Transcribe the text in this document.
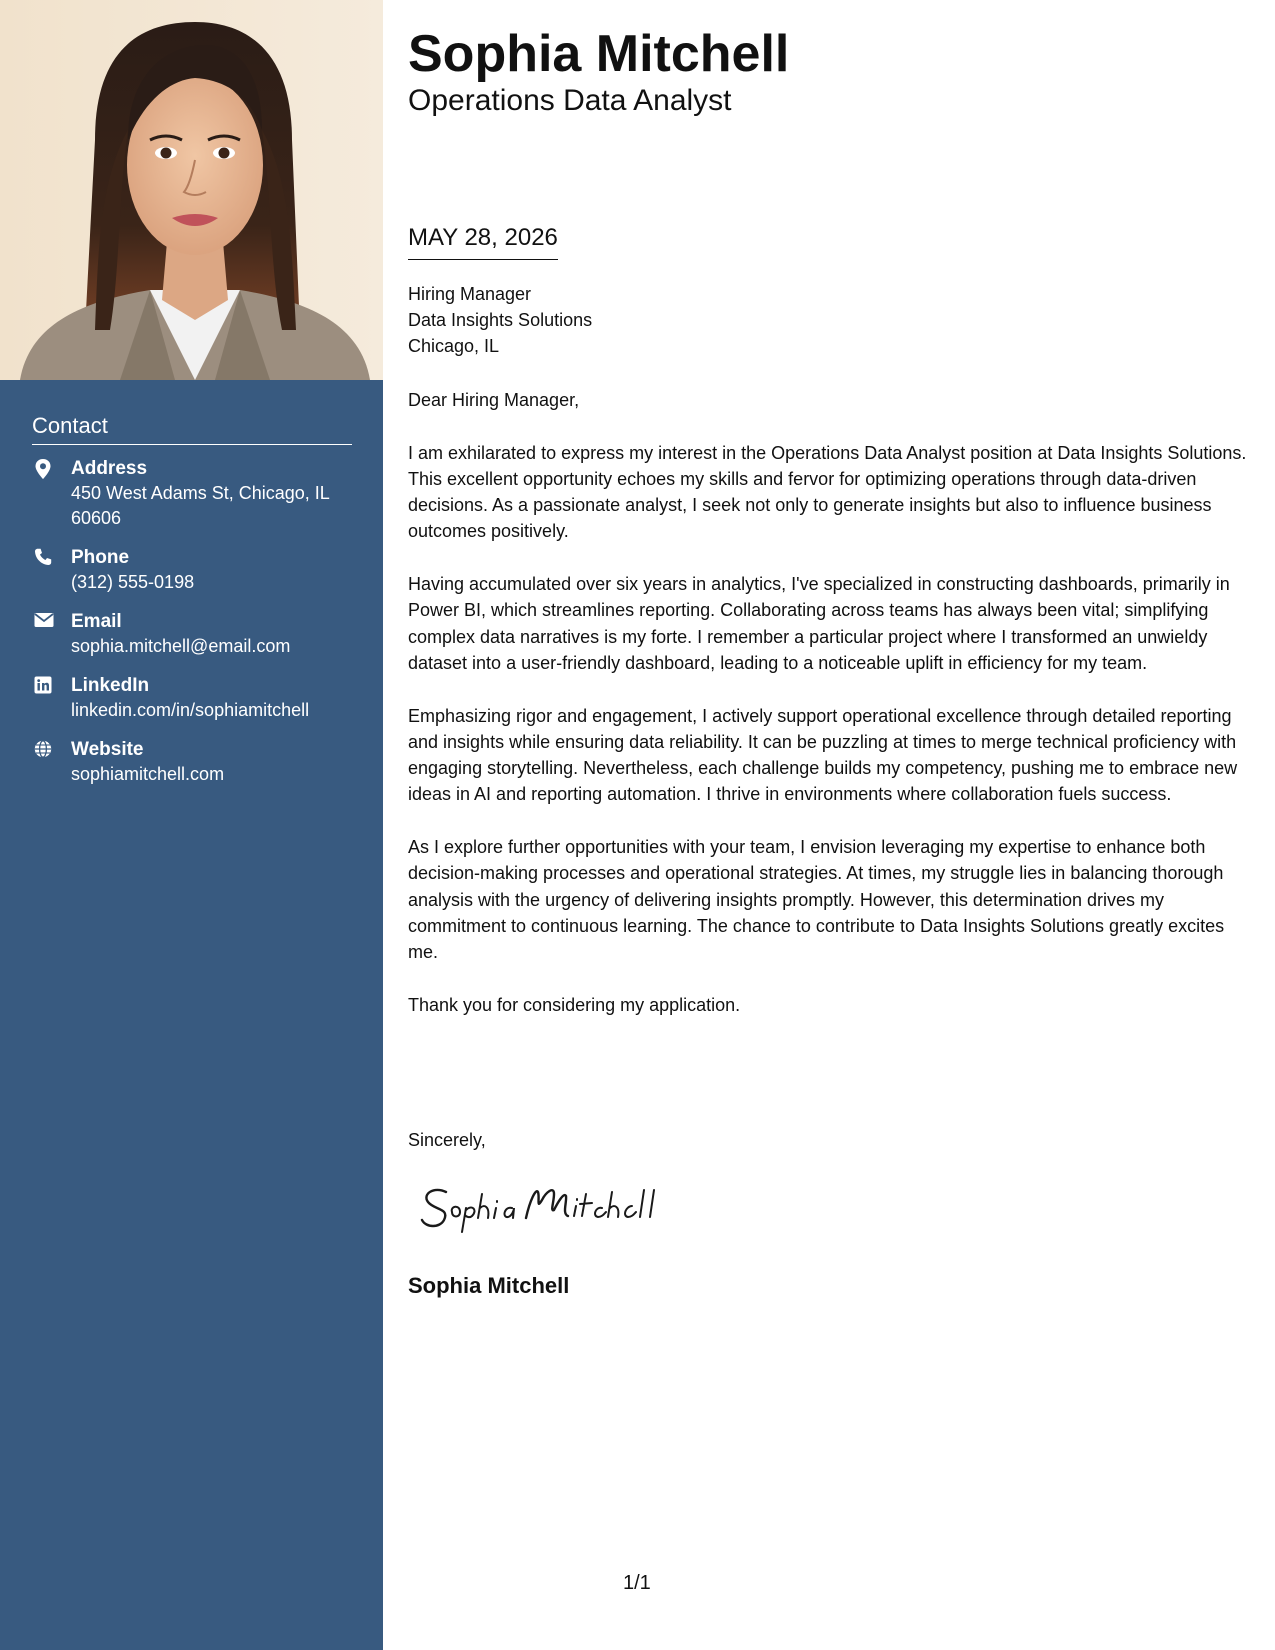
Contact
Address
450 West Adams St, Chicago, IL
60606
Phone
(312) 555-0198
Email
sophia.mitchell@email.com
LinkedIn
linkedin.com/in/sophiamitchell
Website
sophiamitchell.com
Sophia Mitchell
Operations Data Analyst
MAY 28, 2026
Hiring Manager
Data Insights Solutions
Chicago, IL

Dear Hiring Manager,

I am exhilarated to express my interest in the Operations Data Analyst position at Data Insights Solutions. This excellent opportunity echoes my skills and fervor for optimizing operations through data-driven decisions. As a passionate analyst, I seek not only to generate insights but also to influence business outcomes positively.

Having accumulated over six years in analytics, I've specialized in constructing dashboards, primarily in Power BI, which streamlines reporting. Collaborating across teams has always been vital; simplifying complex data narratives is my forte. I remember a particular project where I transformed an unwieldy dataset into a user-friendly dashboard, leading to a noticeable uplift in efficiency for my team.

Emphasizing rigor and engagement, I actively support operational excellence through detailed reporting and insights while ensuring data reliability. It can be puzzling at times to merge technical proficiency with engaging storytelling. Nevertheless, each challenge builds my competency, pushing me to embrace new ideas in AI and reporting automation. I thrive in environments where collaboration fuels success.

As I explore further opportunities with your team, I envision leveraging my expertise to enhance both decision-making processes and operational strategies. At times, my struggle lies in balancing thorough analysis with the urgency of delivering insights promptly. However, this determination drives my commitment to continuous learning. The chance to contribute to Data Insights Solutions greatly excites me.

Thank you for considering my application.

Sincerely,
Sophia Mitchell
1/1
